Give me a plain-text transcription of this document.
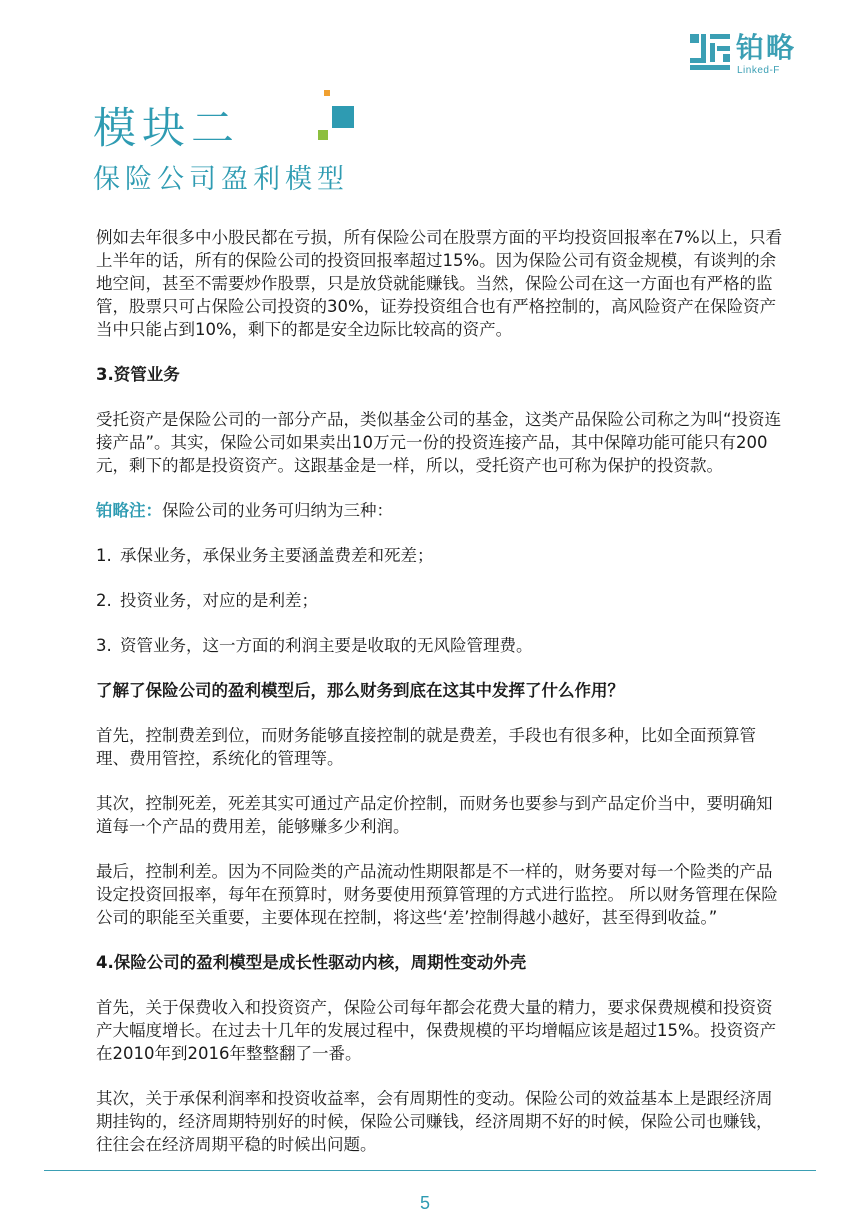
铂略
Linked-F
模块二
保险公司盈利模型

例如去年很多中小股民都在亏损，所有保险公司在股票方面的平均投资回报率在7%以上，只看上半年的话，所有的保险公司的投资回报率超过15%。因为保险公司有资金规模，有谈判的余地空间，甚至不需要炒作股票，只是放贷就能赚钱。当然，保险公司在这一方面也有严格的监管，股票只可占保险公司投资的30%，证券投资组合也有严格控制的，高风险资产在保险资产当中只能占到10%，剩下的都是安全边际比较高的资产。

3.资管业务

受托资产是保险公司的一部分产品，类似基金公司的基金，这类产品保险公司称之为叫“投资连接产品”。其实，保险公司如果卖出10万元一份的投资连接产品，其中保障功能可能只有200元，剩下的都是投资资产。这跟基金是一样，所以，受托资产也可称为保护的投资款。

铂略注：保险公司的业务可归纳为三种：

1. 承保业务，承保业务主要涵盖费差和死差；
2. 投资业务，对应的是利差；
3. 资管业务，这一方面的利润主要是收取的无风险管理费。

了解了保险公司的盈利模型后，那么财务到底在这其中发挥了什么作用？

首先，控制费差到位，而财务能够直接控制的就是费差，手段也有很多种，比如全面预算管理、费用管控，系统化的管理等。

其次，控制死差，死差其实可通过产品定价控制，而财务也要参与到产品定价当中，要明确知道每一个产品的费用差，能够赚多少利润。

最后，控制利差。因为不同险类的产品流动性期限都是不一样的，财务要对每一个险类的产品设定投资回报率，每年在预算时，财务要使用预算管理的方式进行监控。 所以财务管理在保险公司的职能至关重要，主要体现在控制，将这些‘差’控制得越小越好，甚至得到收益。”

4.保险公司的盈利模型是成长性驱动内核，周期性变动外壳

首先，关于保费收入和投资资产，保险公司每年都会花费大量的精力，要求保费规模和投资资产大幅度增长。在过去十几年的发展过程中，保费规模的平均增幅应该是超过15%。投资资产在2010年到2016年整整翻了一番。

其次，关于承保利润率和投资收益率，会有周期性的变动。保险公司的效益基本上是跟经济周期挂钩的，经济周期特别好的时候，保险公司赚钱，经济周期不好的时候，保险公司也赚钱，往往会在经济周期平稳的时候出问题。

5
